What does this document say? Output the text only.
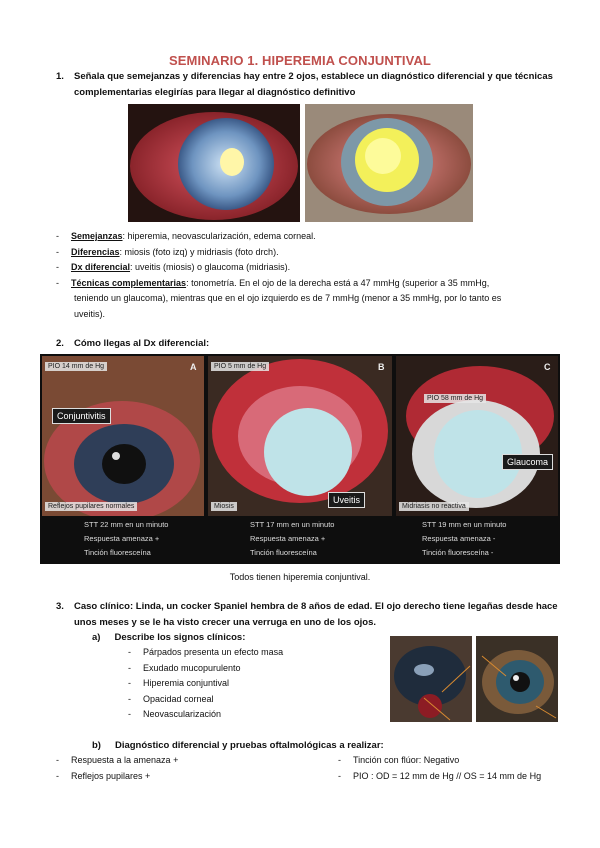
SEMINARIO 1. HIPEREMIA CONJUNTIVAL
1. Señala que semejanzas y diferencias hay entre 2 ojos, establece un diagnóstico diferencial y que técnicas
complementarias elegirías para llegar al diagnóstico definitivo
- Semejanzas: hiperemia, neovascularización, edema corneal.
- Diferencias: miosis (foto izq) y midriasis (foto drch).
- Dx diferencial: uveitis (miosis) o glaucoma (midriasis).
- Técnicas complementarias: tonometría. En el ojo de la derecha está a 47 mmHg (superior a 35 mmHg,
teniendo un glaucoma), mientras que en el ojo izquierdo es de 7 mmHg (menor a 35 mmHg, por lo tanto es
uveitis).
2. Cómo llegas al Dx diferencial:
PIO 14 mm de Hg	A
Conjuntivitis
Reflejos pupilares normales
PIO 5 mm de Hg	B
Uveitis
Miosis
C
PIO 58 mm de Hg
Glaucoma
Midriasis no reactiva
STT 22 mm en un minuto
Respuesta amenaza +
Tinción fluoresceína
STT 17 mm en un minuto
Respuesta amenaza +
Tinción fluoresceína
STT 19 mm en un minuto
Respuesta amenaza -
Tinción fluoresceína -
Todos tienen hiperemia conjuntival.
3. Caso clínico: Linda, un cocker Spaniel hembra de 8 años de edad. El ojo derecho tiene legañas desde hace
unos meses y se le ha visto crecer una verruga en uno de los ojos.
a) Describe los signos clínicos:
- Párpados presenta un efecto masa
- Exudado mucopurulento
- Hiperemia conjuntival
- Opacidad corneal
- Neovascularización
b) Diagnóstico diferencial y pruebas oftalmológicas a realizar:
- Respuesta a la amenaza +
- Reflejos pupilares +
- Tinción con flúor: Negativo
- PIO : OD = 12 mm de Hg // OS = 14 mm de Hg
